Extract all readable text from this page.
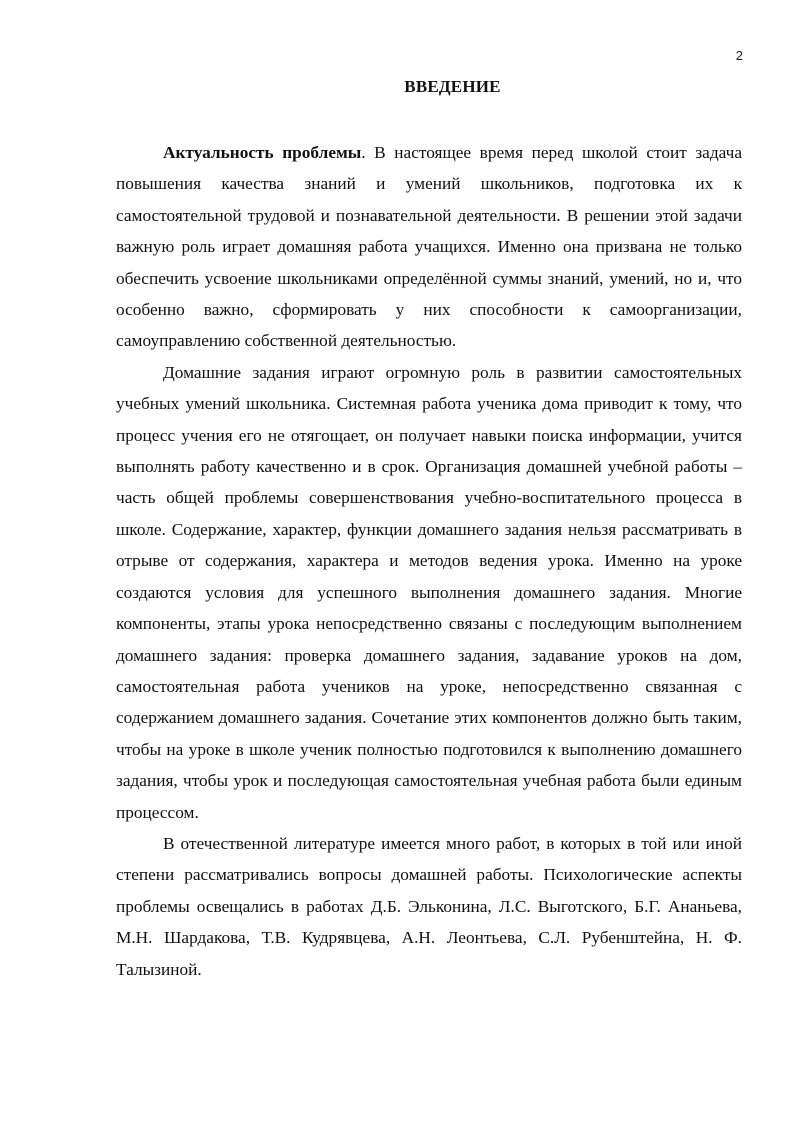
2
ВВЕДЕНИЕ

Актуальность проблемы. В настоящее время перед школой стоит задача повышения качества знаний и умений школьников, подготовка их к самостоятельной трудовой и познавательной деятельности. В решении этой задачи важную роль играет домашняя работа учащихся. Именно она призвана не только обеспечить усвоение школьниками определённой суммы знаний, умений, но и, что особенно важно, сформировать у них способности к самоорганизации, самоуправлению собственной деятельностью.

Домашние задания играют огромную роль в развитии самостоятельных учебных умений школьника. Системная работа ученика дома приводит к тому, что процесс учения его не отягощает, он получает навыки поиска информации, учится выполнять работу качественно и в срок. Организация домашней учебной работы – часть общей проблемы совершенствования учебно-воспитательного процесса в школе. Содержание, характер, функции домашнего задания нельзя рассматривать в отрыве от содержания, характера и методов ведения урока. Именно на уроке создаются условия для успешного выполнения домашнего задания. Многие компоненты, этапы урока непосредственно связаны с последующим выполнением домашнего задания: проверка домашнего задания, задавание уроков на дом, самостоятельная работа учеников на уроке, непосредственно связанная с содержанием домашнего задания. Сочетание этих компонентов должно быть таким, чтобы на уроке в школе ученик полностью подготовился к выполнению домашнего задания, чтобы урок и последующая самостоятельная учебная работа были единым процессом.

В отечественной литературе имеется много работ, в которых в той или иной степени рассматривались вопросы домашней работы. Психологические аспекты проблемы освещались в работах Д.Б. Эльконина, Л.С. Выготского, Б.Г. Ананьева, М.Н. Шардакова, Т.В. Кудрявцева, А.Н. Леонтьева, С.Л. Рубенштейна, Н. Ф. Талызиной.
